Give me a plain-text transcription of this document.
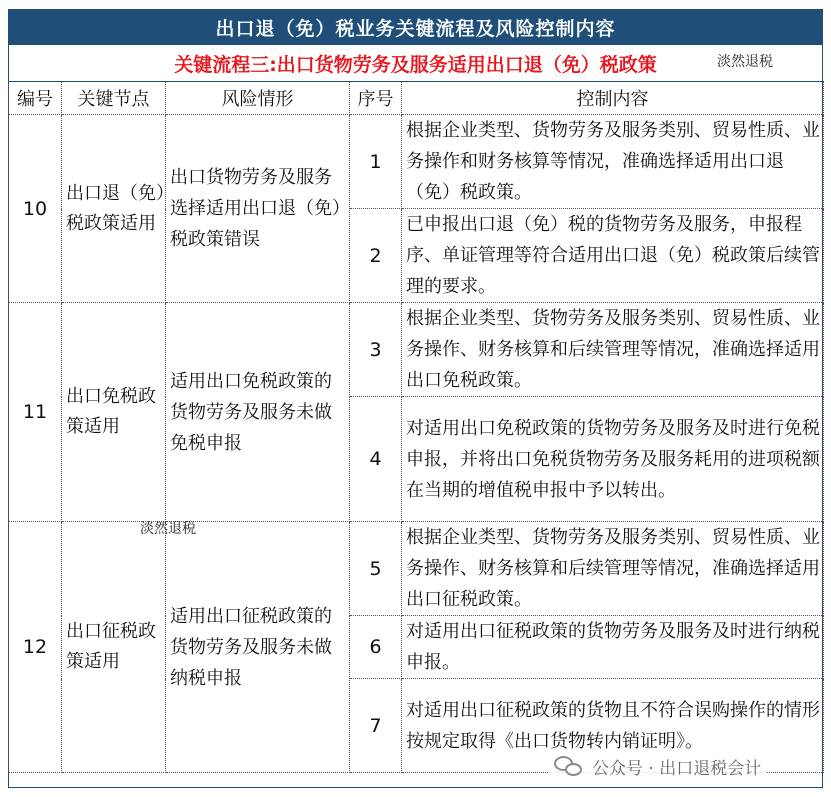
出口退（免）税业务关键流程及风险控制内容
关键流程三:出口货物劳务及服务适用出口退（免）税政策	淡然退税
编号	关键节点	风险情形	序号	控制内容
10	出口退（免）税政策适用	出口货物劳务及服务选择适用出口退（免）税政策错误	1	根据企业类型、货物劳务及服务类别、贸易性质、业务操作和财务核算等情况，准确选择适用出口退（免）税政策。
			2	已申报出口退（免）税的货物劳务及服务，申报程序、单证管理等符合适用出口退（免）税政策后续管理的要求。
11	出口免税政策适用	适用出口免税政策的货物劳务及服务未做免税申报	3	根据企业类型、货物劳务及服务类别、贸易性质、业务操作、财务核算和后续管理等情况，准确选择适用出口免税政策。
			4	对适用出口免税政策的货物劳务及服务及时进行免税申报，并将出口免税货物劳务及服务耗用的进项税额在当期的增值税申报中予以转出。
12	出口征税政策适用	适用出口征税政策的货物劳务及服务未做纳税申报	5	根据企业类型、货物劳务及服务类别、贸易性质、业务操作、财务核算和后续管理等情况，准确选择适用出口征税政策。
			6	对适用出口征税政策的货物劳务及服务及时进行纳税申报。
			7	对适用出口征税政策的货物且不符合误购操作的情形按规定取得《出口货物转内销证明》。
淡然退税
公众号 · 出口退税会计
